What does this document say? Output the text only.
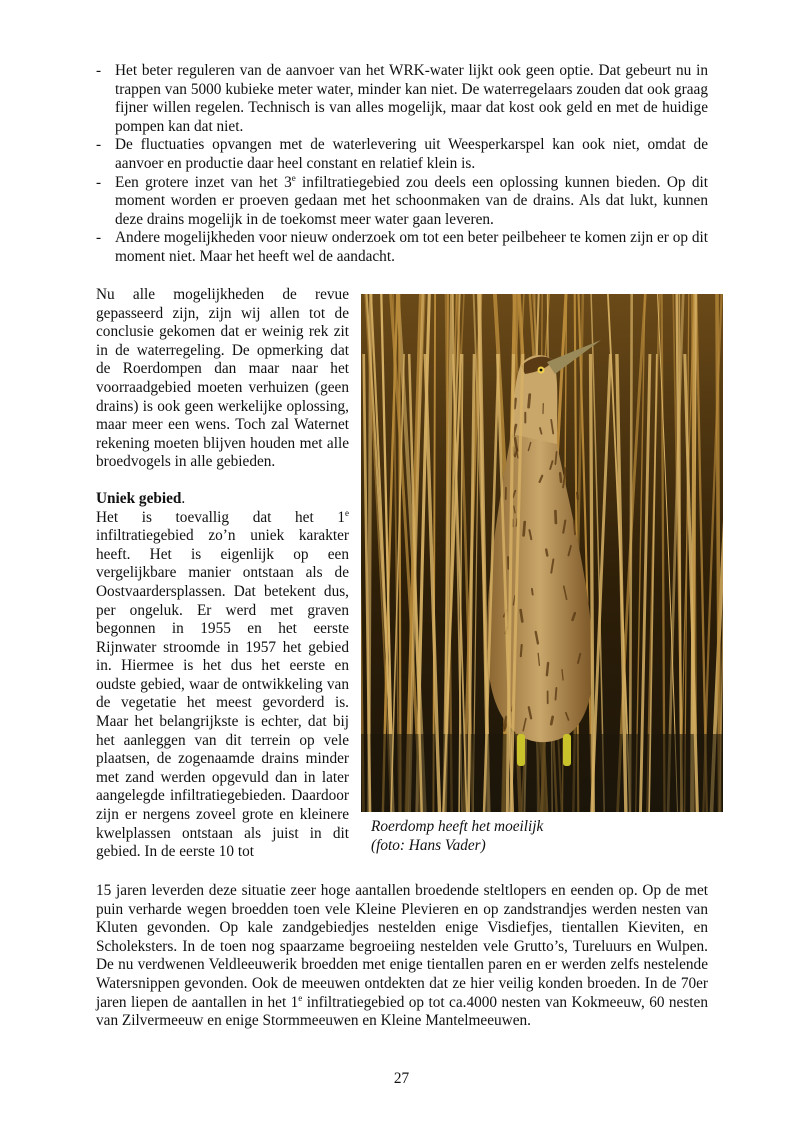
- Het beter reguleren van de aanvoer van het WRK-water lijkt ook geen optie. Dat gebeurt nu in trappen van 5000 kubieke meter water, minder kan niet. De waterregelaars zouden dat ook graag fijner willen regelen. Technisch is van alles mogelijk, maar dat kost ook geld en met de huidige pompen kan dat niet.
- De fluctuaties opvangen met de waterlevering uit Weesperkarspel kan ook niet, omdat de aanvoer en productie daar heel constant en relatief klein is.
- Een grotere inzet van het 3e infiltratiegebied zou deels een oplossing kunnen bieden. Op dit moment worden er proeven gedaan met het schoonmaken van de drains. Als dat lukt, kunnen deze drains mogelijk in de toekomst meer water gaan leveren.
- Andere mogelijkheden voor nieuw onderzoek om tot een beter peilbeheer te komen zijn er op dit moment niet. Maar het heeft wel de aandacht.

Nu alle mogelijkheden de revue gepasseerd zijn, zijn wij allen tot de conclusie gekomen dat er weinig rek zit in de waterregeling. De opmerking dat de Roerdompen dan maar naar het voorraadgebied moeten verhuizen (geen drains) is ook geen werkelijke oplossing, maar meer een wens. Toch zal Waternet rekening moeten blijven houden met alle broedvogels in alle gebieden.

Uniek gebied.

Het is toevallig dat het 1e infiltratiegebied zo’n uniek karakter heeft. Het is eigenlijk op een vergelijkbare manier ontstaan als de Oostvaardersplassen. Dat betekent dus, per ongeluk. Er werd met graven begonnen in 1955 en het eerste Rijnwater stroomde in 1957 het gebied in. Hiermee is het dus het eerste en oudste gebied, waar de ontwikkeling van de vegetatie het meest gevorderd is. Maar het belangrijkste is echter, dat bij het aanleggen van dit terrein op vele plaatsen, de zogenaamde drains minder met zand werden opgevuld dan in later aangelegde infiltratiegebieden. Daardoor zijn er nergens zoveel grote en kleinere kwelplassen ontstaan als juist in dit gebied. In de eerste 10 tot

Roerdomp heeft het moeilijk
(foto: Hans Vader)

15 jaren leverden deze situatie zeer hoge aantallen broedende steltlopers en eenden op. Op de met puin verharde wegen broedden toen vele Kleine Plevieren en op zandstrandjes werden nesten van Kluten gevonden. Op kale zandgebiedjes nestelden enige Visdiefjes, tientallen Kieviten, en Scholeksters. In de toen nog spaarzame begroeiing nestelden vele Grutto’s, Tureluurs en Wulpen. De nu verdwenen Veldleeuwerik broedden met enige tientallen paren en er werden zelfs nestelende Watersnippen gevonden. Ook de meeuwen ontdekten dat ze hier veilig konden broeden. In de 70er jaren liepen de aantallen in het 1e infiltratiegebied op tot ca.4000 nesten van Kokmeeuw, 60 nesten van Zilvermeeuw en enige Stormmeeuwen en Kleine Mantelmeeuwen.

27
